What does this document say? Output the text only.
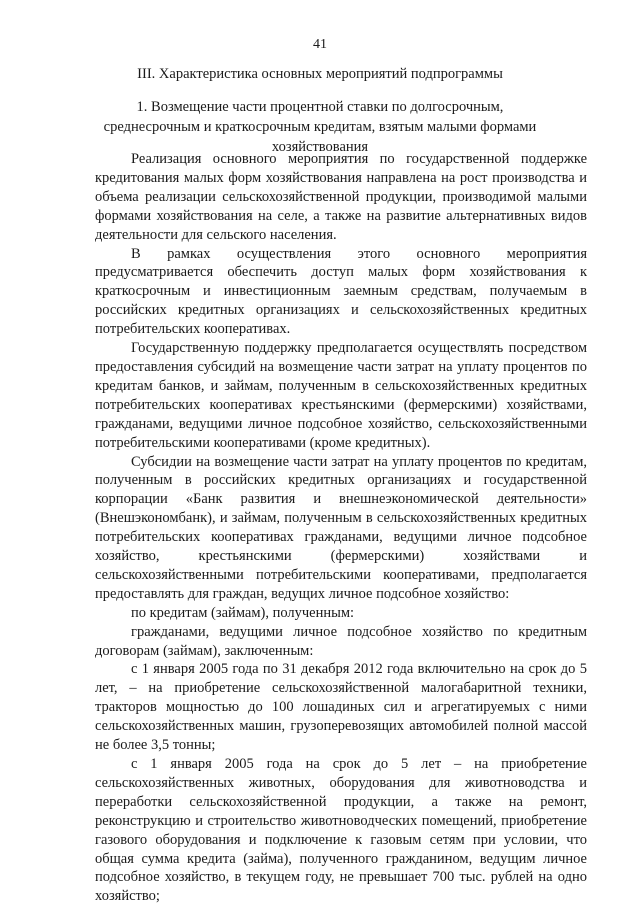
41
III. Характеристика основных мероприятий подпрограммы
1. Возмещение части процентной ставки по долгосрочным, среднесрочным и краткосрочным кредитам, взятым малыми формами хозяйствования

Реализация основного мероприятия по государственной поддержке кредитования малых форм хозяйствования направлена на рост производства и объема реализации сельскохозяйственной продукции, производимой малыми формами хозяйствования на селе, а также на развитие альтернативных видов деятельности для сельского населения.

В рамках осуществления этого основного мероприятия предусматривается обеспечить доступ малых форм хозяйствования к краткосрочным и инвестиционным заемным средствам, получаемым в российских кредитных организациях и сельскохозяйственных кредитных потребительских кооперативах.

Государственную поддержку предполагается осуществлять посредством предоставления субсидий на возмещение части затрат на уплату процентов по кредитам банков, и займам, полученным в сельскохозяйственных кредитных потребительских кооперативах крестьянскими (фермерскими) хозяйствами, гражданами, ведущими личное подсобное хозяйство, сельскохозяйственными потребительскими кооперативами (кроме кредитных).

Субсидии на возмещение части затрат на уплату процентов по кредитам, полученным в российских кредитных организациях и государственной корпорации «Банк развития и внешнеэкономической деятельности» (Внешэкономбанк), и займам, полученным в сельскохозяйственных кредитных потребительских кооперативах гражданами, ведущими личное подсобное хозяйство, крестьянскими (фермерскими) хозяйствами и сельскохозяйственными потребительскими кооперативами, предполагается предоставлять для граждан, ведущих личное подсобное хозяйство:

по кредитам (займам), полученным:

гражданами, ведущими личное подсобное хозяйство по кредитным договорам (займам), заключенным:

с 1 января 2005 года по 31 декабря 2012 года включительно на срок до 5 лет, – на приобретение сельскохозяйственной малогабаритной техники, тракторов мощностью до 100 лошадиных сил и агрегатируемых с ними сельскохозяйственных машин, грузоперевозящих автомобилей полной массой не более 3,5 тонны;

с 1 января 2005 года на срок до 5 лет – на приобретение сельскохозяйственных животных, оборудования для животноводства и переработки сельскохозяйственной продукции, а также на ремонт, реконструкцию и строительство животноводческих помещений, приобретение газового оборудования и подключение к газовым сетям при условии, что общая сумма кредита (займа), полученного гражданином, ведущим личное подсобное хозяйство, в текущем году, не превышает 700 тыс. рублей на одно хозяйство;
